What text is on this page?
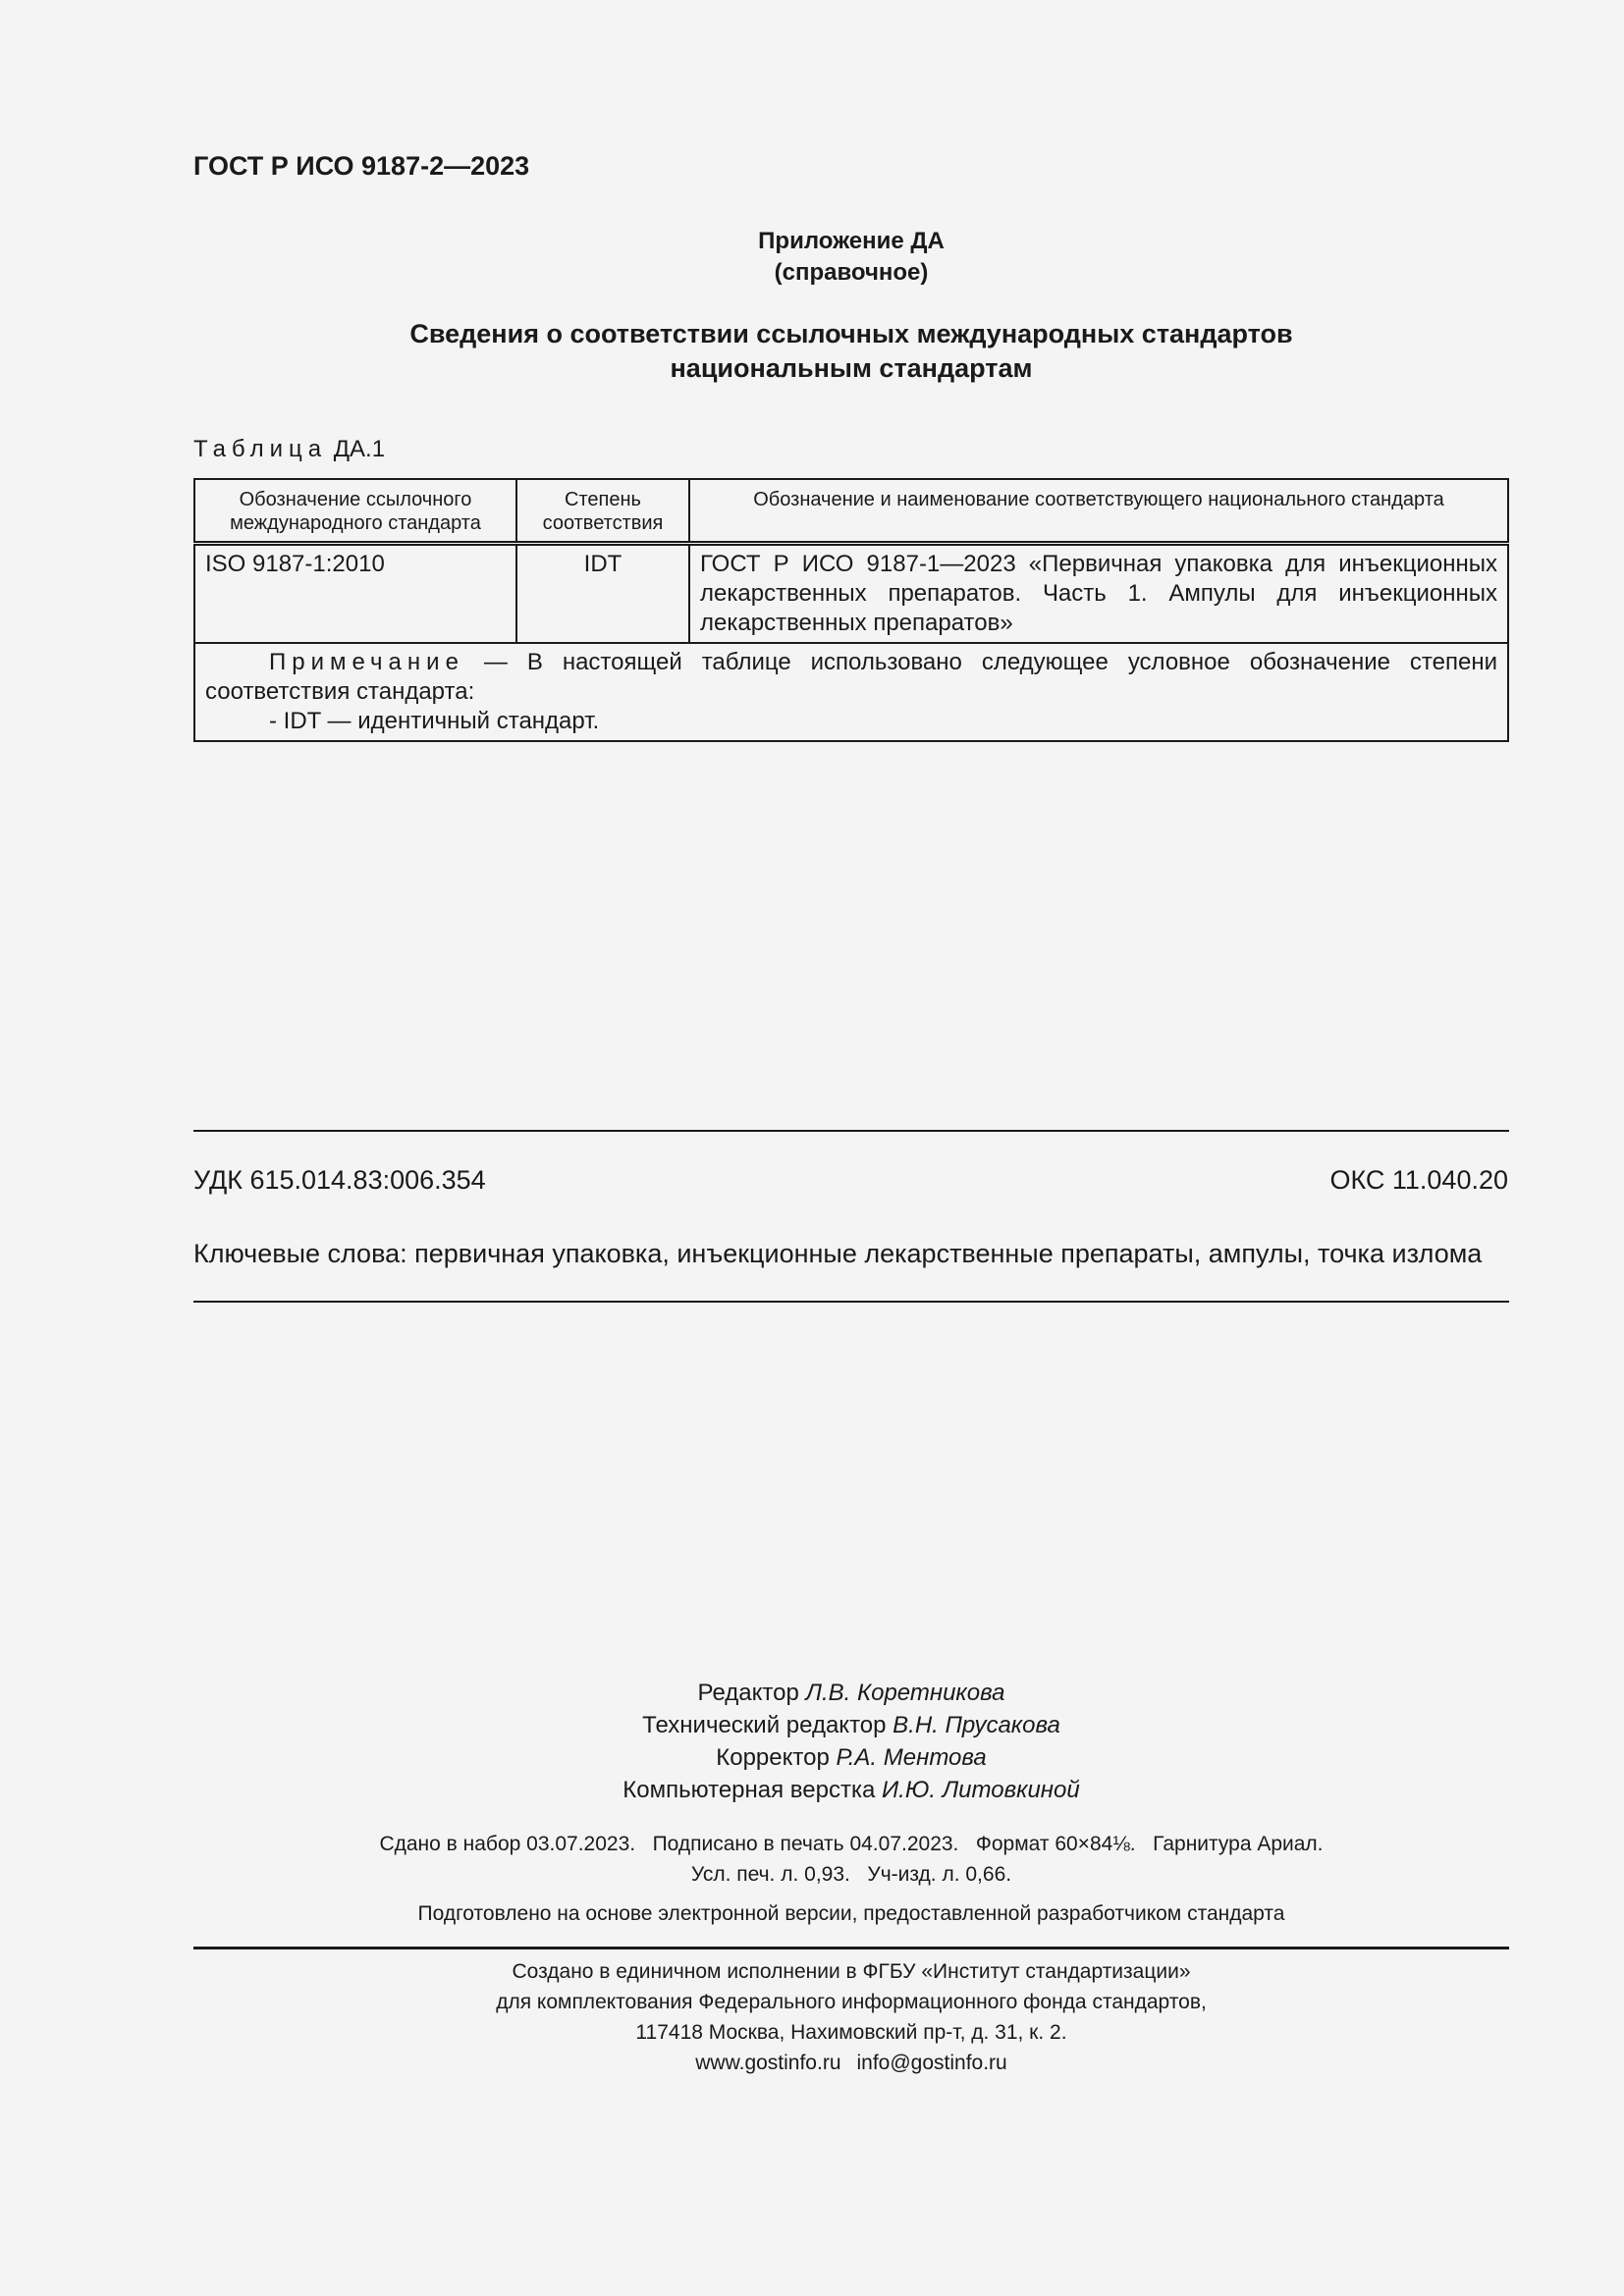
ГОСТ Р ИСО 9187-2—2023
Приложение ДА
(справочное)
Сведения о соответствии ссылочных международных стандартов
национальным стандартам
Таблица ДА.1
Обозначение ссылочного международного стандарта	Степень соответствия	Обозначение и наименование соответствующего национального стандарта
ISO 9187-1:2010	IDT	ГОСТ Р ИСО 9187-1—2023 «Первичная упаковка для инъекционных лекарственных препаратов. Часть 1. Ампулы для инъекционных лекарственных препаратов»

Примечание — В настоящей таблице использовано следующее условное обозначение степени соответствия стандарта:
- IDT — идентичный стандарт.		
УДК 615.014.83:006.354	ОКС 11.040.20
Ключевые слова: первичная упаковка, инъекционные лекарственные препараты, ампулы, точка излома
Редактор Л.В. Коретникова
Технический редактор В.Н. Прусакова
Корректор Р.А. Ментова
Компьютерная верстка И.Ю. Литовкиной
Сдано в набор 03.07.2023.   Подписано в печать 04.07.2023.   Формат 60×84⅛.   Гарнитура Ариал.
Усл. печ. л. 0,93.   Уч-изд. л. 0,66.
Подготовлено на основе электронной версии, предоставленной разработчиком стандарта
Создано в единичном исполнении в ФГБУ «Институт стандартизации»
для комплектования Федерального информационного фонда стандартов,
117418 Москва, Нахимовский пр-т, д. 31, к. 2.
www.gostinfo.ru info@gostinfo.ru
